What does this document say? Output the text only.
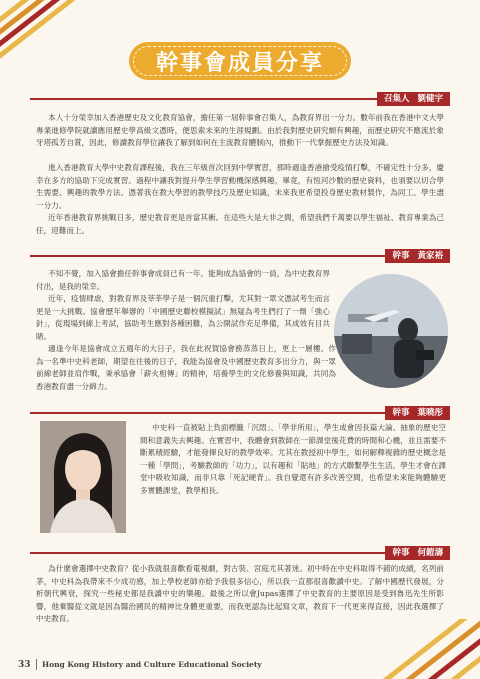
幹事會成員分享
召集人 劉健宇

本人十分榮幸加入香港歷史及文化教育協會，擔任第一屆幹事會召集人，為教育界出一分力。數年前我在香港中文大學專業進修學院就讀應用歷史學高級文憑時，便思索未來的生涯規劃。由於我對歷史研究頗有興趣，而歷史研究不應流於象牙塔孤芳自賞，因此，修讀教育學位讓我了解到如何在主流教育體制內，推動下一代掌握歷史方法及知識。

進入香港教育大學中史教育課程後，我在三年級首次回到中學實習，那時適逢香港搶受疫情打擊，不確定性十分多，慶幸在多方的協助下完成實習。過程中讓我對提升學生學習動機深感興趣，畢竟，有恆河沙數的歷史資料，也須要以切合學生需要、興趣的教學方法。憑著我在教大學習的教學技巧及歷史知識，未來我更希望投身歷史教材製作，為同工、學生盡一分力。

近年香港教育界挑戰日多，歷史教育更是首當其衝。在這些大是大非之間，希望我們千萬要以學生福祉、教育專業為己任，迎難而上。

幹事 黃家裕

不知不覺，加入協會擔任幹事會成員已有一年。能夠成為協會的一員，為中史教育界付出，是我的榮幸。

近年，疫情肆虐，對教育界及莘莘學子是一個沉重打擊，尤其對一眾文憑試考生而言更是一大挑戰。協會歷年舉辦的「中國歷史聯校模擬試」無疑為考生們打了一劑「強心針」，從現場到線上考試，協助考生應對各種困難，為公開試作充足準備，其成效有目共睹。

適逢今年是協會成立五週年的大日子，我在此祝賀協會務蒸蒸日上，更上一層樓。作為一名準中史科老師，期望在往後的日子，我能為協會及中國歷史教育多出分力，與一眾前線老師並肩作戰，秉承協會「薪火相傳」的精神，培養學生的文化修養與知識，共同為香港教育盡一分綿力。

幹事 葉曉彤

中史科一直被貼上負面標籤「沉悶」、「學非所用」，學生或會因長篇大論、抽象的歷史空間和意義失去興趣。在實習中，我體會到教師在一節課堂後花費的時間和心機，並且需要不斷累積經驗，才能發揮良好的教學效率。尤其在教授初中學生，如何解釋複雜的歷史概念是一種「學問」，考驗教師的「功力」，以有趣和「貼地」的方式聯繫學生生活。學生才會在課堂中吸收知識，而非只靠「死記硬背」。我自覺還有許多改善空間，也希望未來能夠體驗更多實體課堂，教學相長。

幹事 何鎧濤

為什麼會選擇中史教育？從小我就很喜歡看電視劇，對古裝、宮庭尤其著迷。初中時在中史科取得不錯的成績，名列前茅，中史科為我帶來不少成功感，加上學校老師亦給予我很多信心，所以我一直都很喜歡讀中史。了解中國歷代發展，分析朝代興衰，探究一些秘史都是我讀中史的樂趣。最後之所以會Jupas選擇了中史教育的主要原因是受到魯迅先生所影響，他棄醫從文就是因為醫治國民的精神比身體更重要，而我更認為比起寫文章，教育下一代更來得直接，因此我選擇了中史教育。

33 Hong Kong History and Culture Educational Society
